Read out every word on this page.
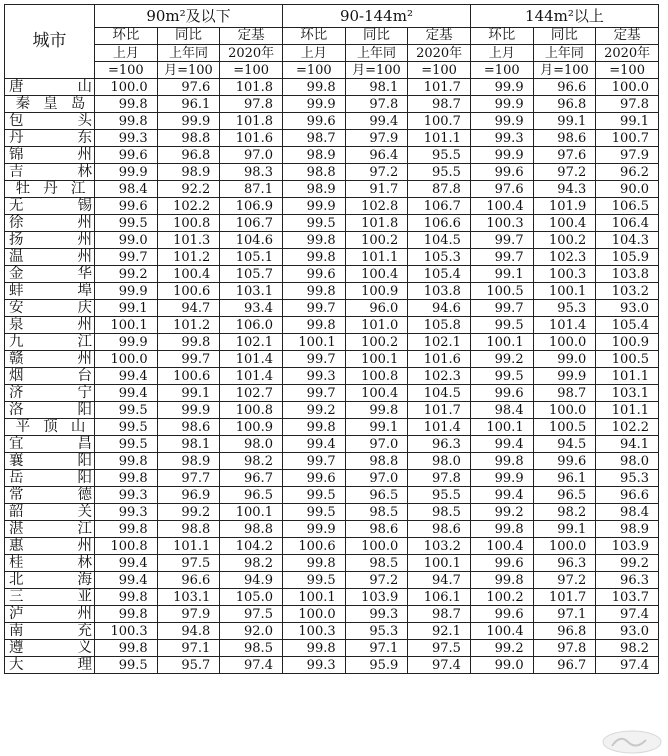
城市	90m²及以下			90-144m²			144m²以上		
	环比	同比	定基	环比	同比	定基	环比	同比	定基
	上月	上年同	2020年	上月	上年同	2020年	上月	上年同	2020年
	=100	月=100	=100	=100	月=100	=100	=100	月=100	=100

唐 山	100.0	97.6	101.8	99.8	98.1	101.7	99.9	96.6	100.0

秦 皇 岛	99.8	96.1	97.8	99.9	97.8	98.7	99.9	96.8	97.8

包 头	99.8	99.9	101.8	99.6	99.4	100.7	99.9	99.1	99.1

丹 东	99.3	98.8	101.6	98.7	97.9	101.1	99.3	98.6	100.7

锦 州	99.6	96.8	97.0	98.9	96.4	95.5	99.9	97.6	97.9

吉 林	99.9	98.9	98.3	98.8	97.2	95.5	99.6	97.2	96.2

牡 丹 江	98.4	92.2	87.1	98.9	91.7	87.8	97.6	94.3	90.0

无 锡	99.6	102.2	106.9	99.9	102.8	106.7	100.4	101.9	106.5

徐 州	99.5	100.8	106.7	99.5	101.8	106.6	100.3	100.4	106.4

扬 州	99.0	101.3	104.6	99.8	100.2	104.5	99.7	100.2	104.3

温 州	99.7	101.2	105.1	99.8	101.1	105.3	99.7	102.3	105.9

金 华	99.2	100.4	105.7	99.6	100.4	105.4	99.1	100.3	103.8

蚌 埠	99.9	100.6	103.1	99.8	100.9	103.8	100.5	100.1	103.2

安 庆	99.1	94.7	93.4	99.7	96.0	94.6	99.7	95.3	93.0

泉 州	100.1	101.2	106.0	99.8	101.0	105.8	99.5	101.4	105.4

九 江	99.9	99.8	102.1	100.1	100.2	102.1	100.1	100.0	100.9

赣 州	100.0	99.7	101.4	99.7	100.1	101.6	99.2	99.0	100.5

烟 台	99.4	100.6	101.4	99.3	100.8	102.3	99.5	99.9	101.1

济 宁	99.4	99.1	102.7	99.7	100.4	104.5	99.6	98.7	103.1

洛 阳	99.5	99.9	100.8	99.2	99.8	101.7	98.4	100.0	101.1

平 顶 山	99.5	98.6	100.9	99.8	99.1	101.4	100.1	100.5	102.2

宜 昌	99.5	98.1	98.0	99.4	97.0	96.3	99.4	94.5	94.1

襄 阳	99.8	98.9	98.2	99.7	98.8	98.0	99.8	99.6	98.0

岳 阳	99.8	97.7	96.7	99.6	97.0	97.8	99.9	96.1	95.3

常 德	99.3	96.9	96.5	99.5	96.5	95.5	99.4	96.5	96.6

韶 关	99.3	99.2	100.1	99.5	98.5	98.5	99.2	98.2	98.4

湛 江	99.8	98.8	98.8	99.9	98.6	98.6	99.8	99.1	98.9

惠 州	100.8	101.1	104.2	100.6	100.0	103.2	100.4	100.0	103.9

桂 林	99.4	97.5	98.2	99.8	98.5	100.1	99.6	96.3	99.2

北 海	99.4	96.6	94.9	99.5	97.2	94.7	99.8	97.2	96.3

三 亚	99.8	103.1	105.0	100.1	103.9	106.1	100.2	101.7	103.7

泸 州	99.8	97.9	97.5	100.0	99.3	98.7	99.6	97.1	97.4

南 充	100.3	94.8	92.0	100.3	95.3	92.1	100.4	96.8	93.0

遵 义	99.8	97.1	98.5	99.8	97.1	97.5	99.2	97.8	98.2

大 理	99.5	95.7	97.4	99.3	95.9	97.4	99.0	96.7	97.4
